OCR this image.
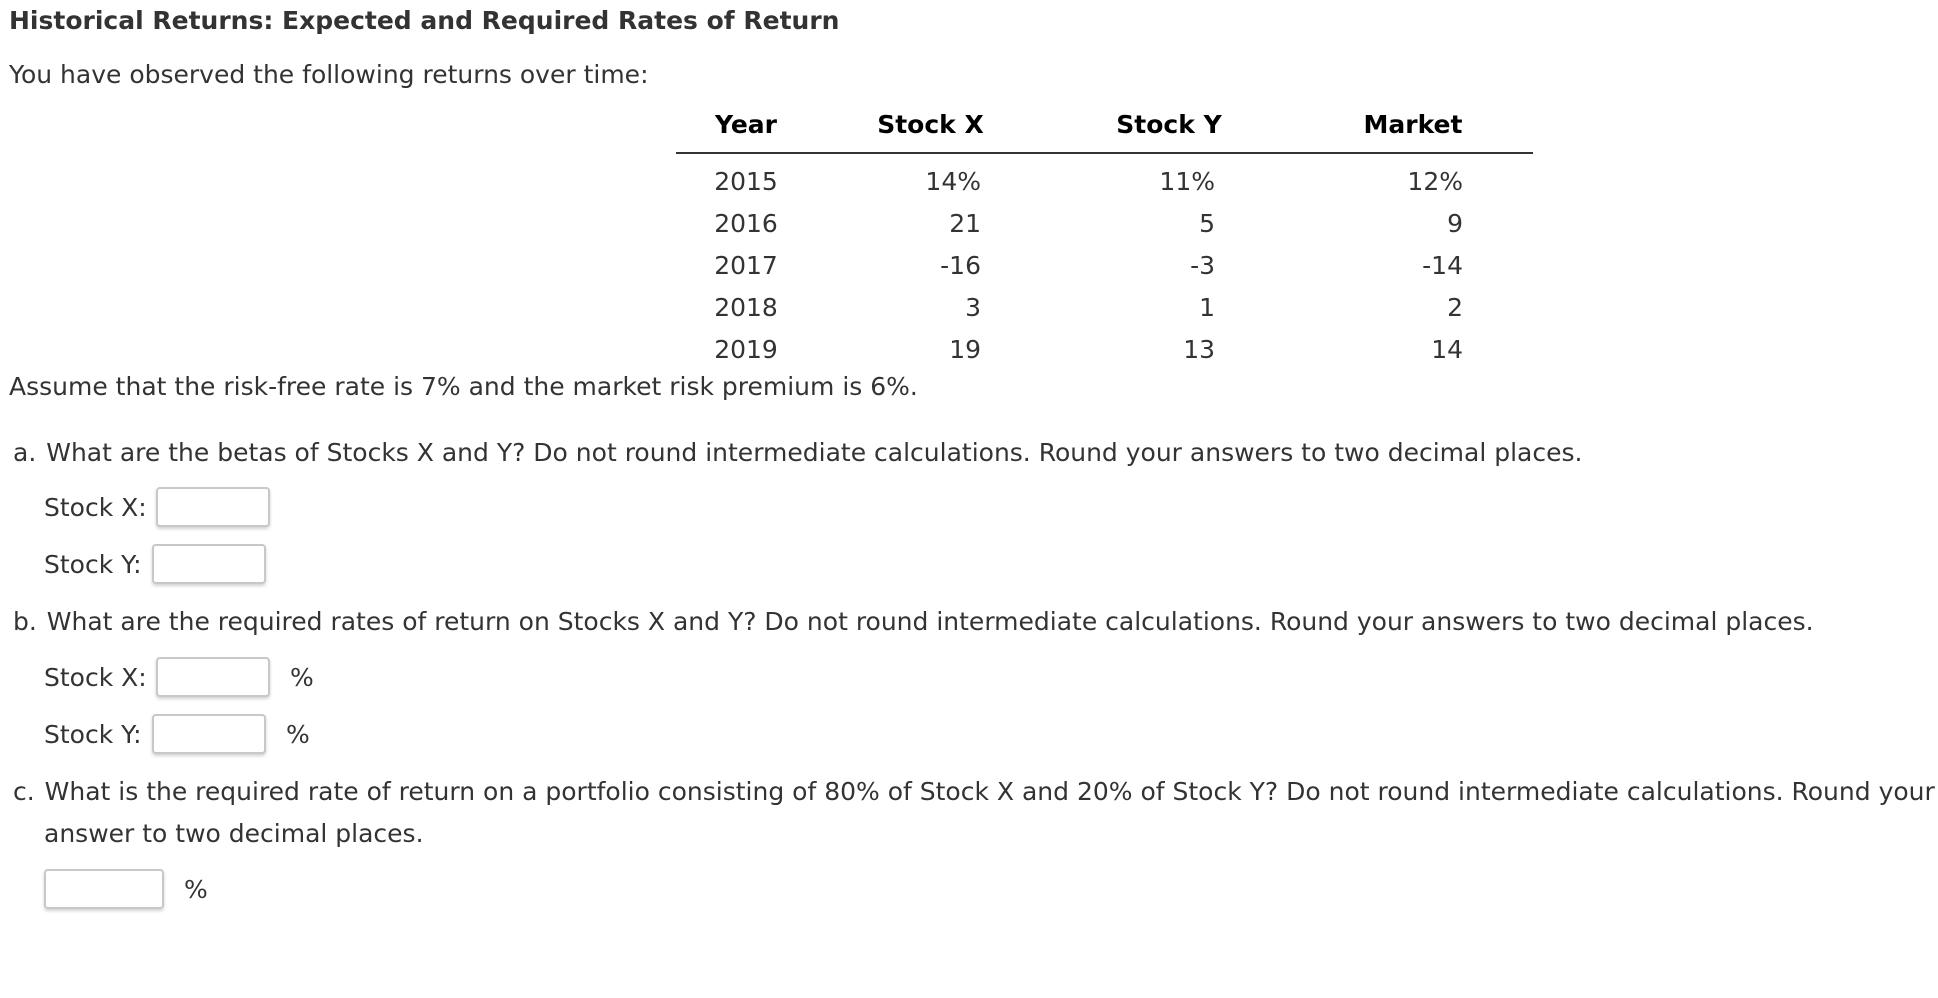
Historical Returns: Expected and Required Rates of Return
You have observed the following returns over time:
Year	Stock X	Stock Y	Market
2015	14%	11%	12%
2016	21	5	9
2017	-16	-3	-14
2018	3	1	2
2019	19	13	14
Assume that the risk-free rate is 7% and the market risk premium is 6%.
a. What are the betas of Stocks X and Y? Do not round intermediate calculations. Round your answers to two decimal places.
Stock X:
Stock Y:
b. What are the required rates of return on Stocks X and Y? Do not round intermediate calculations. Round your answers to two decimal places.
Stock X:	%
Stock Y:	%
c. What is the required rate of return on a portfolio consisting of 80% of Stock X and 20% of Stock Y? Do not round intermediate calculations. Round your
answer to two decimal places.
%
